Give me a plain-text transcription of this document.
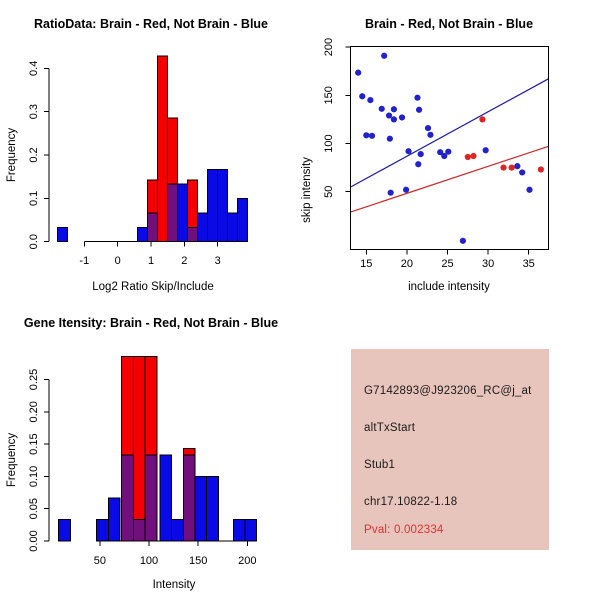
-1 0 1 2 3
0.0
0.1
0.2
0.3
0.4
RatioData: Brain - Red, Not Brain - Blue
Log2 Ratio Skip/Include
Frequency
15	20	25	30	35
50
100
150
200
Brain - Red, Not Brain - Blue
include intensity
skip intensity
50	100	150	200
0.00
0.05
0.10
0.15
0.20
0.25
Gene Itensity: Brain - Red, Not Brain - Blue
Intensity
Frequency
G7142893@J923206_RC@j_at
altTxStart
Stub1
chr17.10822-1.18
Pval: 0.002334
